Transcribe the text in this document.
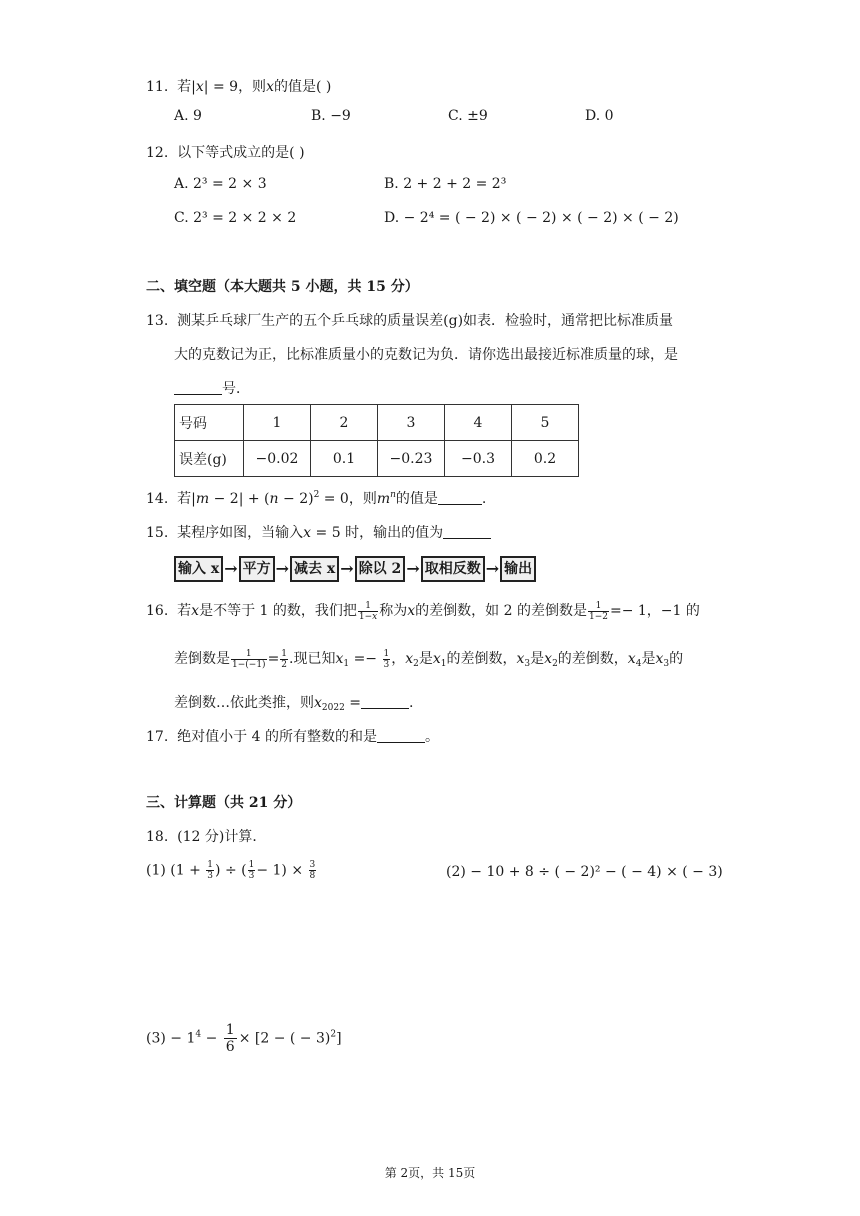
11. 若|x| = 9，则x的值是( )
A. 9	B. −9	C. ±9	D. 0
12. 以下等式成立的是( )
A. 2³ = 2 × 3	B. 2 + 2 + 2 = 2³
C. 2³ = 2 × 2 × 2	D. − 2⁴ = ( − 2) × ( − 2) × ( − 2) × ( − 2)
二、填空题（本大题共 5 小题，共 15 分）
13. 测某乒乓球厂生产的五个乒乓球的质量误差(g)如表．检验时，通常把比标准质量
大的克数记为正，比标准质量小的克数记为负．请你选出最接近标准质量的球，是
号．
号码	1	2	3	4	5
误差(g)	−0.02	0.1	−0.23	−0.3	0.2
14. 若$|m - 2| + (n - 2)^2 = 0$，则$m^n$的值是	.
15. 某程序如图，当输入x = 5 时，输出的值为
输入 x → 平方 → 减去 x → 除以 2 → 取相反数 → 输出
16. 若x是不等于 1 的数，我们把 $\frac{1}{1-x}$ 称为x的差倒数，如 2 的差倒数是 $\frac{1}{1-2} =- 1$，−1 的
差倒数是 $\frac{1}{1-(-1)} = \frac{1}{2}$ .现已知$x_1 =- \frac{1}{3}$ ，$x_2$是$x_1$的差倒数，$x_3$是$x_2$的差倒数，$x_4$是$x_3$的
差倒数…依此类推，则$x_{2022}$ =	.
17. 绝对值小于 4 的所有整数的和是	。
三、计算题（共 21 分）
18. (12 分)计算．
(1) ($1 + \frac{1}{3}$ ) ÷ ( $\frac{1}{3} - 1) \times \frac{3}{8}$	(2) − 10 + 8 ÷ ( − 2)² − ( − 4) × ( − 3)
$(3) - 1^4 - \frac{1}{6} \times [2$ − ( − 3)$^2$]
第 2页，共 15页
